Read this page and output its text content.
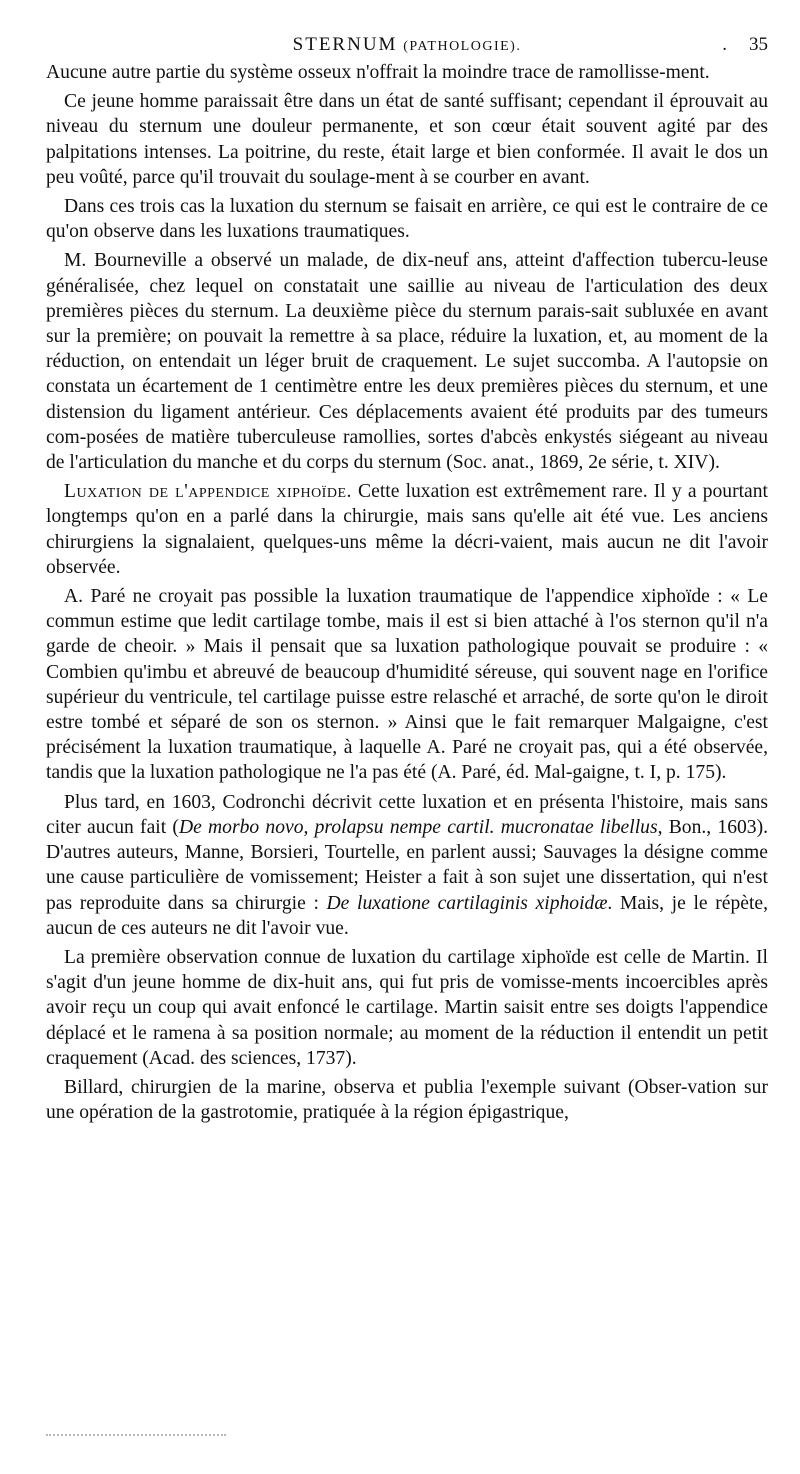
STERNUM (PATHOLOGIE).	. 35

Aucune autre partie du système osseux n'offrait la moindre trace de ramollisse-ment.

Ce jeune homme paraissait être dans un état de santé suffisant; cependant il éprouvait au niveau du sternum une douleur permanente, et son cœur était souvent agité par des palpitations intenses. La poitrine, du reste, était large et bien conformée. Il avait le dos un peu voûté, parce qu'il trouvait du soulage-ment à se courber en avant.

Dans ces trois cas la luxation du sternum se faisait en arrière, ce qui est le contraire de ce qu'on observe dans les luxations traumatiques.

M. Bourneville a observé un malade, de dix-neuf ans, atteint d'affection tubercu-leuse généralisée, chez lequel on constatait une saillie au niveau de l'articulation des deux premières pièces du sternum. La deuxième pièce du sternum parais-sait subluxée en avant sur la première; on pouvait la remettre à sa place, réduire la luxation, et, au moment de la réduction, on entendait un léger bruit de craquement. Le sujet succomba. A l'autopsie on constata un écartement de 1 centimètre entre les deux premières pièces du sternum, et une distension du ligament antérieur. Ces déplacements avaient été produits par des tumeurs com-posées de matière tuberculeuse ramollies, sortes d'abcès enkystés siégeant au niveau de l'articulation du manche et du corps du sternum (Soc. anat., 1869, 2e série, t. XIV).

Luxation de l'appendice xiphoïde. Cette luxation est extrêmement rare. Il y a pourtant longtemps qu'on en a parlé dans la chirurgie, mais sans qu'elle ait été vue. Les anciens chirurgiens la signalaient, quelques-uns même la décri-vaient, mais aucun ne dit l'avoir observée.

A. Paré ne croyait pas possible la luxation traumatique de l'appendice xiphoïde : « Le commun estime que ledit cartilage tombe, mais il est si bien attaché à l'os sternon qu'il n'a garde de cheoir. » Mais il pensait que sa luxation pathologique pouvait se produire : « Combien qu'imbu et abreuvé de beaucoup d'humidité séreuse, qui souvent nage en l'orifice supérieur du ventricule, tel cartilage puisse estre relasché et arraché, de sorte qu'on le diroit estre tombé et séparé de son os sternon. » Ainsi que le fait remarquer Malgaigne, c'est précisément la luxation traumatique, à laquelle A. Paré ne croyait pas, qui a été observée, tandis que la luxation pathologique ne l'a pas été (A. Paré, éd. Mal-gaigne, t. I, p. 175).

Plus tard, en 1603, Codronchi décrivit cette luxation et en présenta l'histoire, mais sans citer aucun fait (De morbo novo, prolapsu nempe cartil. mucronatae libellus, Bon., 1603). D'autres auteurs, Manne, Borsieri, Tourtelle, en parlent aussi; Sauvages la désigne comme une cause particulière de vomissement; Heister a fait à son sujet une dissertation, qui n'est pas reproduite dans sa chirurgie : De luxatione cartilaginis xiphoidæ. Mais, je le répète, aucun de ces auteurs ne dit l'avoir vue.

La première observation connue de luxation du cartilage xiphoïde est celle de Martin. Il s'agit d'un jeune homme de dix-huit ans, qui fut pris de vomisse-ments incoercibles après avoir reçu un coup qui avait enfoncé le cartilage. Martin saisit entre ses doigts l'appendice déplacé et le ramena à sa position normale; au moment de la réduction il entendit un petit craquement (Acad. des sciences, 1737).

Billard, chirurgien de la marine, observa et publia l'exemple suivant (Obser-vation sur une opération de la gastrotomie, pratiquée à la région épigastrique,
